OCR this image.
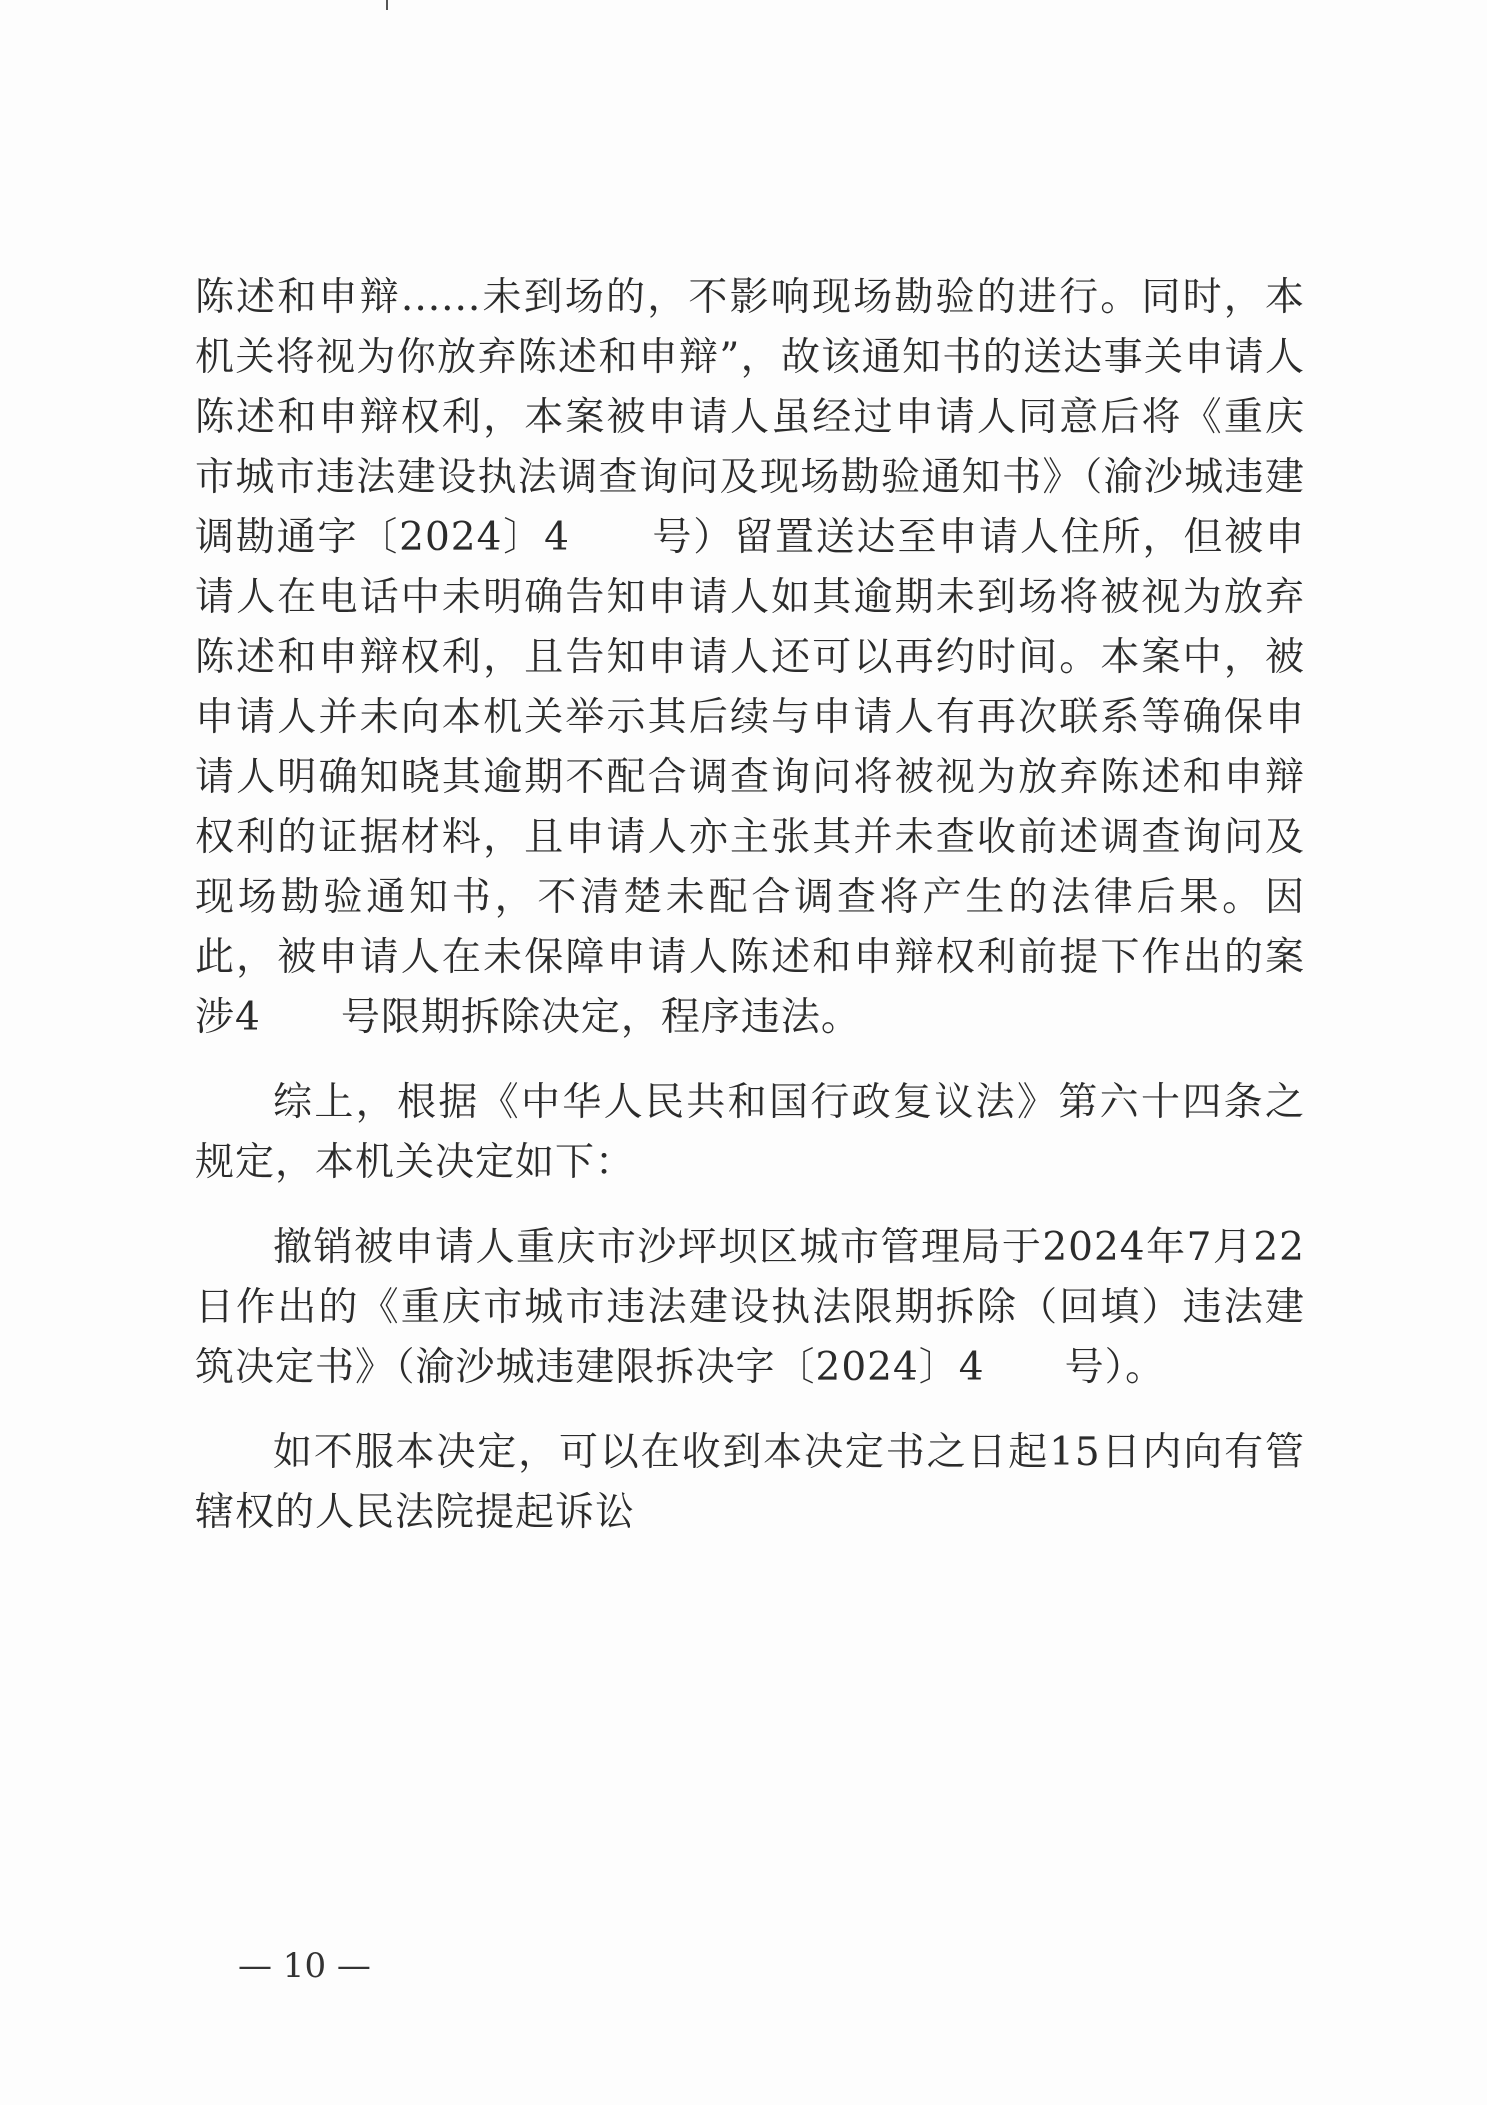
陈述和申辩......未到场的，不影响现场勘验的进行。同时，本机关将视为你放弃陈述和申辩”，故该通知书的送达事关申请人陈述和申辩权利，本案被申请人虽经过申请人同意后将《重庆市城市违法建设执法调查询问及现场勘验通知书》（渝沙城违建调勘通字〔2024〕4　　号）留置送达至申请人住所，但被申请人在电话中未明确告知申请人如其逾期未到场将被视为放弃陈述和申辩权利，且告知申请人还可以再约时间。本案中，被申请人并未向本机关举示其后续与申请人有再次联系等确保申请人明确知晓其逾期不配合调查询问将被视为放弃陈述和申辩权利的证据材料，且申请人亦主张其并未查收前述调查询问及现场勘验通知书，不清楚未配合调查将产生的法律后果。因此，被申请人在未保障申请人陈述和申辩权利前提下作出的案涉4　　号限期拆除决定，程序违法。

综上，根据《中华人民共和国行政复议法》第六十四条之规定，本机关决定如下：

撤销被申请人重庆市沙坪坝区城市管理局于2024年7月22日作出的《重庆市城市违法建设执法限期拆除（回填）违法建筑决定书》（渝沙城违建限拆决字〔2024〕4　　号）。

如不服本决定，可以在收到本决定书之日起15日内向有管辖权的人民法院提起诉讼

— 10 —
